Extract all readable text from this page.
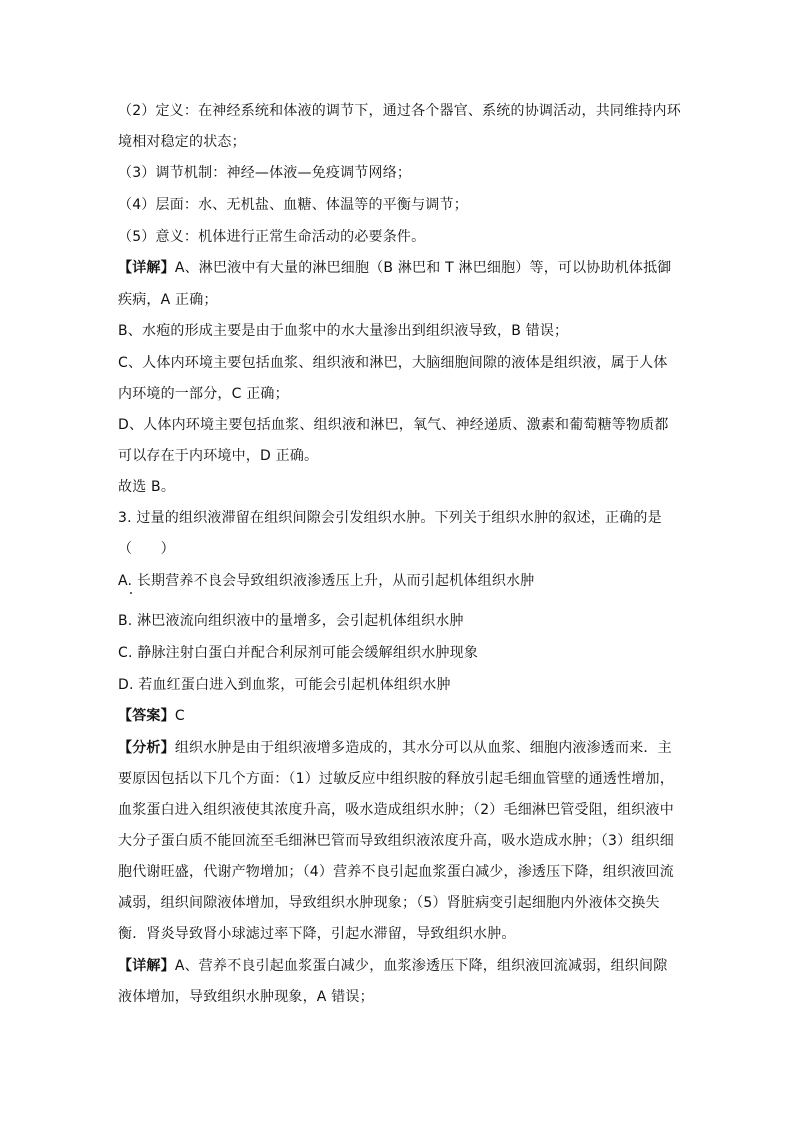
（2）定义：在神经系统和体液的调节下，通过各个器官、系统的协调活动，共同维持内环
境相对稳定的状态；
（3）调节机制：神经—体液—免疫调节网络；
（4）层面：水、无机盐、血糖、体温等的平衡与调节；
（5）意义：机体进行正常生命活动的必要条件。
【详解】A、淋巴液中有大量的淋巴细胞（B 淋巴和 T 淋巴细胞）等，可以协助机体抵御
疾病，A 正确；
B、水疱的形成主要是由于血浆中的水大量渗出到组织液导致，B 错误；
C、人体内环境主要包括血浆、组织液和淋巴，大脑细胞间隙的液体是组织液，属于人体
内环境的一部分，C 正确；
D、人体内环境主要包括血浆、组织液和淋巴，氧气、神经递质、激素和葡萄糖等物质都
可以存在于内环境中，D 正确。
故选 B。
3. 过量的组织液滞留在组织间隙会引发组织水肿。下列关于组织水肿的叙述，正确的是
（　　）
A. 长期营养不良会导致组织液渗透压上升，从而引起机体组织水肿
B. 淋巴液流向组织液中的量增多，会引起机体组织水肿
C. 静脉注射白蛋白并配合利尿剂可能会缓解组织水肿现象
D. 若血红蛋白进入到血浆，可能会引起机体组织水肿
【答案】C
【分析】组织水肿是由于组织液增多造成的，其水分可以从血浆、细胞内液渗透而来．主
要原因包括以下几个方面：（1）过敏反应中组织胺的释放引起毛细血管壁的通透性增加，
血浆蛋白进入组织液使其浓度升高，吸水造成组织水肿；（2）毛细淋巴管受阻，组织液中
大分子蛋白质不能回流至毛细淋巴管而导致组织液浓度升高，吸水造成水肿；（3）组织细
胞代谢旺盛，代谢产物增加；（4）营养不良引起血浆蛋白减少，渗透压下降，组织液回流
减弱，组织间隙液体增加，导致组织水肿现象；（5）肾脏病变引起细胞内外液体交换失
衡．肾炎导致肾小球滤过率下降，引起水滞留，导致组织水肿。
【详解】A、营养不良引起血浆蛋白减少，血浆渗透压下降，组织液回流减弱，组织间隙
液体增加，导致组织水肿现象，A 错误；
